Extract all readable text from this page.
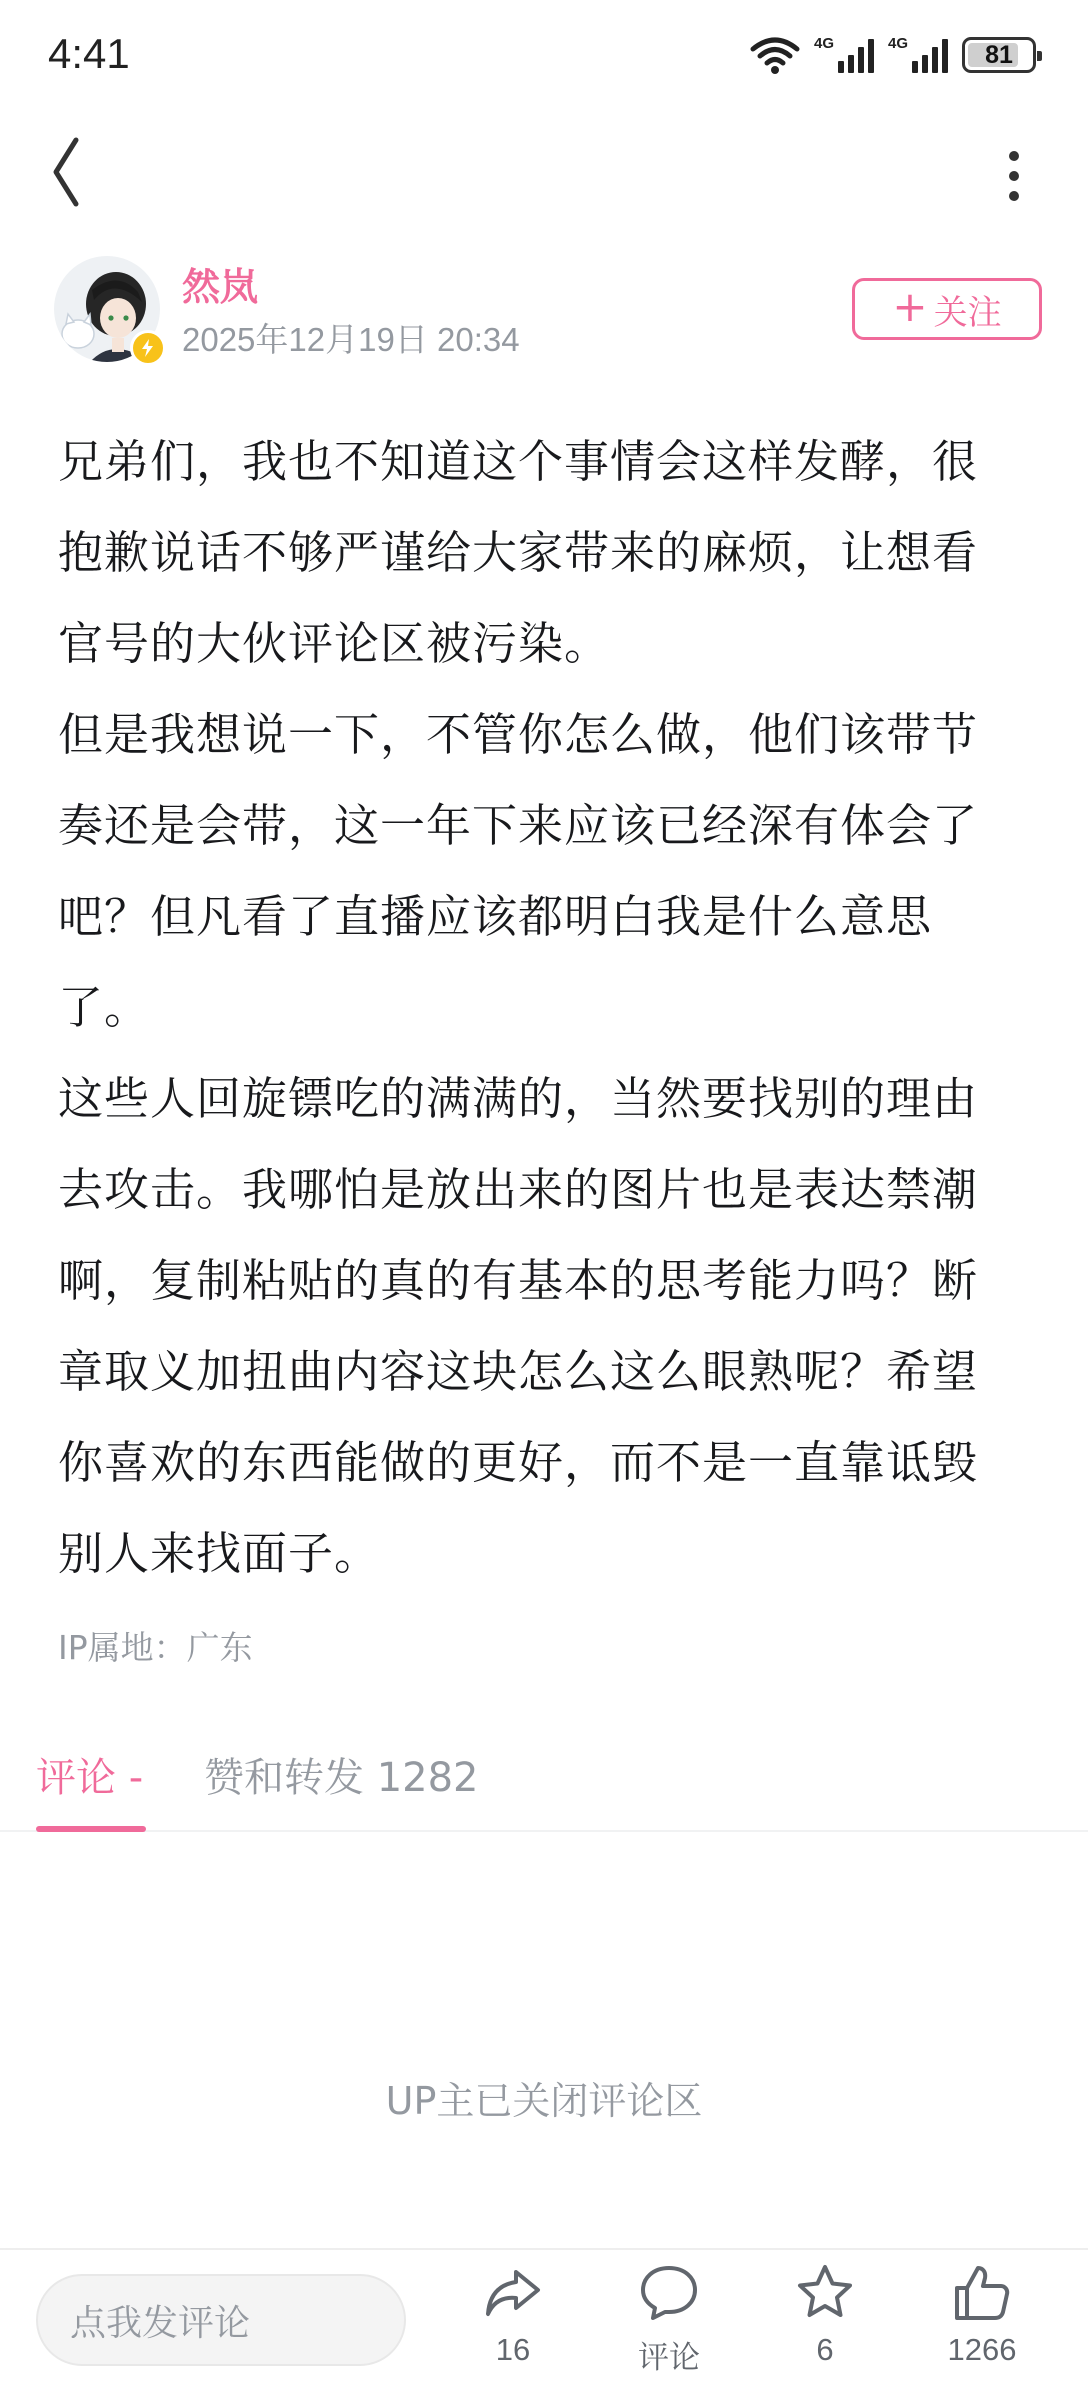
4:41	4G	4G	81
然岚
2025年12月19日 20:34
+ 关注

兄弟们，我也不知道这个事情会这样发酵，很抱歉说话不够严谨给大家带来的麻烦，让想看官号的大伙评论区被污染。

但是我想说一下，不管你怎么做，他们该带节奏还是会带，这一年下来应该已经深有体会了吧？但凡看了直播应该都明白我是什么意思了。

这些人回旋镖吃的满满的，当然要找别的理由去攻击。我哪怕是放出来的图片也是表达禁潮啊，复制粘贴的真的有基本的思考能力吗？断章取义加扭曲内容这块怎么这么眼熟呢？希望你喜欢的东西能做的更好，而不是一直靠诋毁别人来找面子。

IP属地：广东
评论 - 赞和转发 1282
UP主已关闭评论区
点我发评论
16	评论	6	1266
